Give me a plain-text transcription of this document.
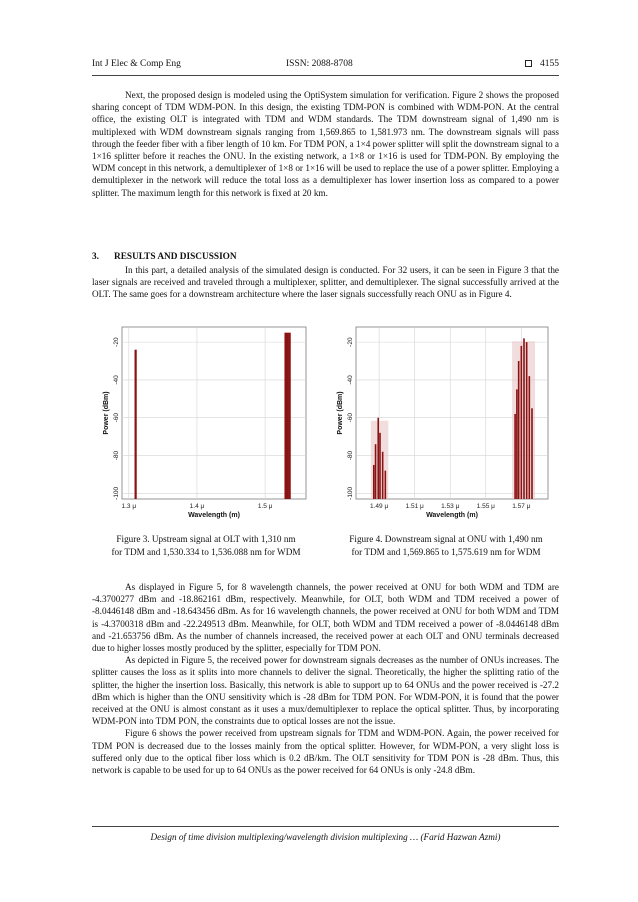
Int J Elec & Comp Eng	ISSN: 2088-8708	4155

Next, the proposed design is modeled using the OptiSystem simulation for verification. Figure 2 shows the proposed sharing concept of TDM WDM-PON. In this design, the existing TDM-PON is combined with WDM-PON. At the central office, the existing OLT is integrated with TDM and WDM standards. The TDM downstream signal of 1,490 nm is multiplexed with WDM downstream signals ranging from 1,569.865 to 1,581.973 nm. The downstream signals will pass through the feeder fiber with a fiber length of 10 km. For TDM PON, a 1×4 power splitter will split the downstream signal to a 1×16 splitter before it reaches the ONU. In the existing network, a 1×8 or 1×16 is used for TDM-PON. By employing the WDM concept in this network, a demultiplexer of 1×8 or 1×16 will be used to replace the use of a power splitter. Employing a demultiplexer in the network will reduce the total loss as a demultiplexer has lower insertion loss as compared to a power splitter. The maximum length for this network is fixed at 20 km.

3. RESULTS AND DISCUSSION

In this part, a detailed analysis of the simulated design is conducted. For 32 users, it can be seen in Figure 3 that the laser signals are received and traveled through a multiplexer, splitter, and demultiplexer. The signal successfully arrived at the OLT. The same goes for a downstream architecture where the laser signals successfully reach ONU as in Figure 4.

-100
-80
-60
-40
-20
1.3 μ	1.4 μ	1.5 μ
Power (dBm)
Wavelength (m)
-100
-80
-60
-40
-20
1.49 μ	1.51 μ	1.53 μ	1.55 μ	1.57 μ
Power (dBm)
Wavelength (m)
Figure 3. Upstream signal at OLT with 1,310 nm
for TDM and 1,530.334 to 1,536.088 nm for WDM
Figure 4. Downstream signal at ONU with 1,490 nm
for TDM and 1,569.865 to 1,575.619 nm for WDM

As displayed in Figure 5, for 8 wavelength channels, the power received at ONU for both WDM and TDM are -4.3700277 dBm and -18.862161 dBm, respectively. Meanwhile, for OLT, both WDM and TDM received a power of -8.0446148 dBm and -18.643456 dBm. As for 16 wavelength channels, the power received at ONU for both WDM and TDM is -4.3700318 dBm and -22.249513 dBm. Meanwhile, for OLT, both WDM and TDM received a power of -8.0446148 dBm and -21.653756 dBm. As the number of channels increased, the received power at each OLT and ONU terminals decreased due to higher losses mostly produced by the splitter, especially for TDM PON.

As depicted in Figure 5, the received power for downstream signals decreases as the number of ONUs increases. The splitter causes the loss as it splits into more channels to deliver the signal. Theoretically, the higher the splitting ratio of the splitter, the higher the insertion loss. Basically, this network is able to support up to 64 ONUs and the power received is -27.2 dBm which is higher than the ONU sensitivity which is -28 dBm for TDM PON. For WDM-PON, it is found that the power received at the ONU is almost constant as it uses a mux/demultiplexer to replace the optical splitter. Thus, by incorporating WDM-PON into TDM PON, the constraints due to optical losses are not the issue.

Figure 6 shows the power received from upstream signals for TDM and WDM-PON. Again, the power received for TDM PON is decreased due to the losses mainly from the optical splitter. However, for WDM-PON, a very slight loss is suffered only due to the optical fiber loss which is 0.2 dB/km. The OLT sensitivity for TDM PON is -28 dBm. Thus, this network is capable to be used for up to 64 ONUs as the power received for 64 ONUs is only -24.8 dBm.

Design of time division multiplexing/wavelength division multiplexing … (Farid Hazwan Azmi)
